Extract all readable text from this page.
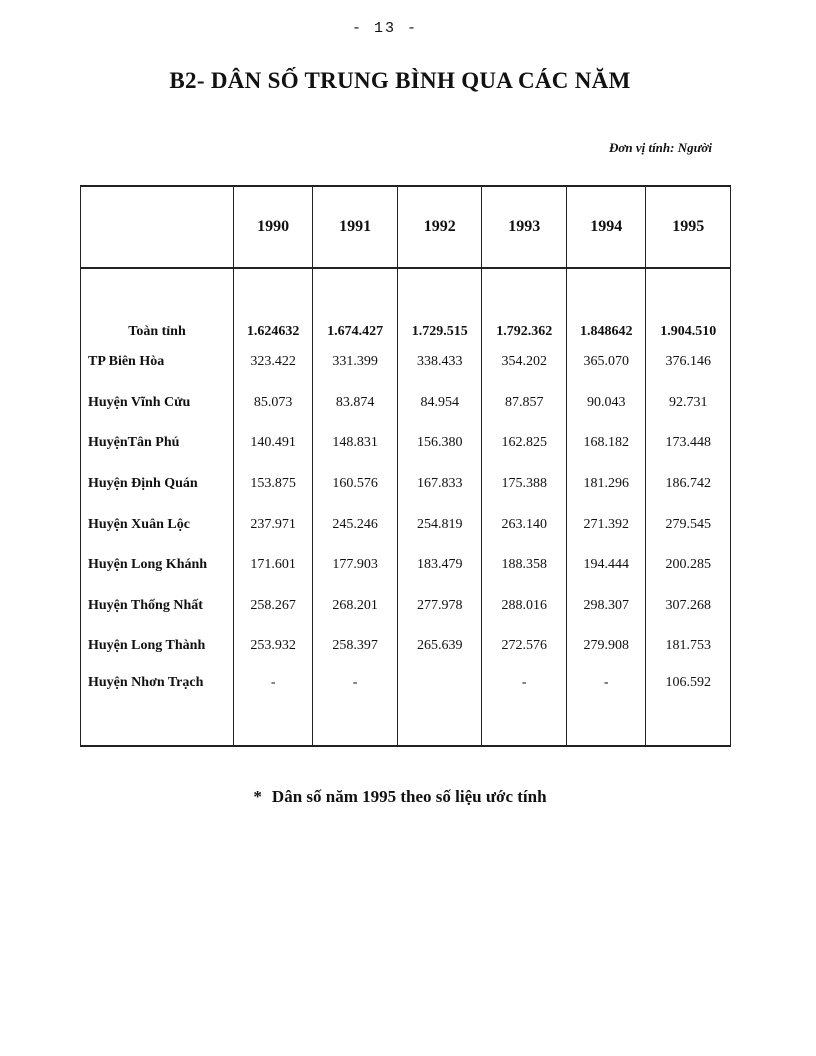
- 13 -
B2- DÂN SỐ TRUNG BÌNH QUA CÁC NĂM
Đơn vị tính: Người
	1990	1991	1992	1993	1994	1995
Toàn tỉnh	1.624632	1.674.427	1.729.515	1.792.362	1.848642	1.904.510
TP Biên Hòa	323.422	331.399	338.433	354.202	365.070	376.146
Huyện Vĩnh Cửu	85.073	83.874	84.954	87.857	90.043	92.731
HuyệnTân Phú	140.491	148.831	156.380	162.825	168.182	173.448
Huyện Định Quán	153.875	160.576	167.833	175.388	181.296	186.742
Huyện Xuân Lộc	237.971	245.246	254.819	263.140	271.392	279.545
Huyện Long Khánh	171.601	177.903	183.479	188.358	194.444	200.285
Huyện Thống Nhất	258.267	268.201	277.978	288.016	298.307	307.268
Huyện Long Thành	253.932	258.397	265.639	272.576	279.908	181.753
Huyện Nhơn Trạch	-	-		-	-	106.592
* Dân số năm 1995 theo số liệu ước tính
